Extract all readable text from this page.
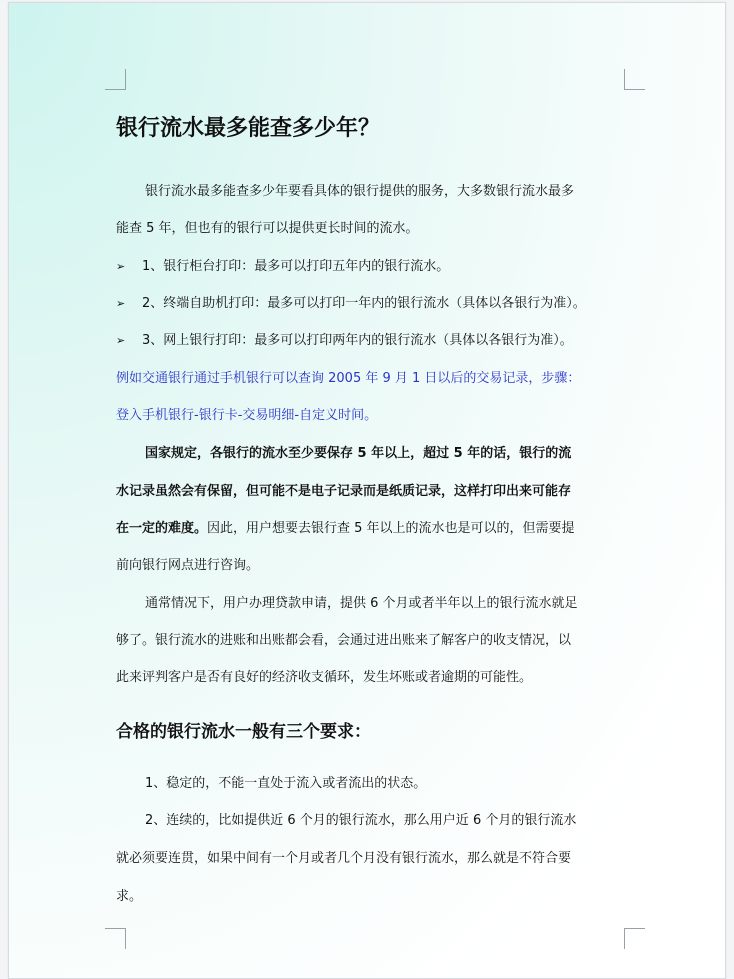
银行流水最多能查多少年？
银行流水最多能查多少年要看具体的银行提供的服务，大多数银行流水最多
能查 5 年，但也有的银行可以提供更长时间的流水。
➢ 1、银行柜台打印：最多可以打印五年内的银行流水。
➢ 2、终端自助机打印：最多可以打印一年内的银行流水（具体以各银行为准）。
➢ 3、网上银行打印：最多可以打印两年内的银行流水（具体以各银行为准）。
例如交通银行通过手机银行可以查询 2005 年 9 月 1 日以后的交易记录，步骤：
登入手机银行-银行卡-交易明细-自定义时间。
国家规定，各银行的流水至少要保存 5 年以上，超过 5 年的话，银行的流
水记录虽然会有保留，但可能不是电子记录而是纸质记录，这样打印出来可能存
在一定的难度。因此，用户想要去银行查 5 年以上的流水也是可以的，但需要提
前向银行网点进行咨询。
通常情况下，用户办理贷款申请，提供 6 个月或者半年以上的银行流水就足
够了。银行流水的进账和出账都会看，会通过进出账来了解客户的收支情况，以
此来评判客户是否有良好的经济收支循环，发生坏账或者逾期的可能性。
合格的银行流水一般有三个要求：
1、稳定的，不能一直处于流入或者流出的状态。
2、连续的，比如提供近 6 个月的银行流水，那么用户近 6 个月的银行流水
就必须要连贯，如果中间有一个月或者几个月没有银行流水，那么就是不符合要
求。
